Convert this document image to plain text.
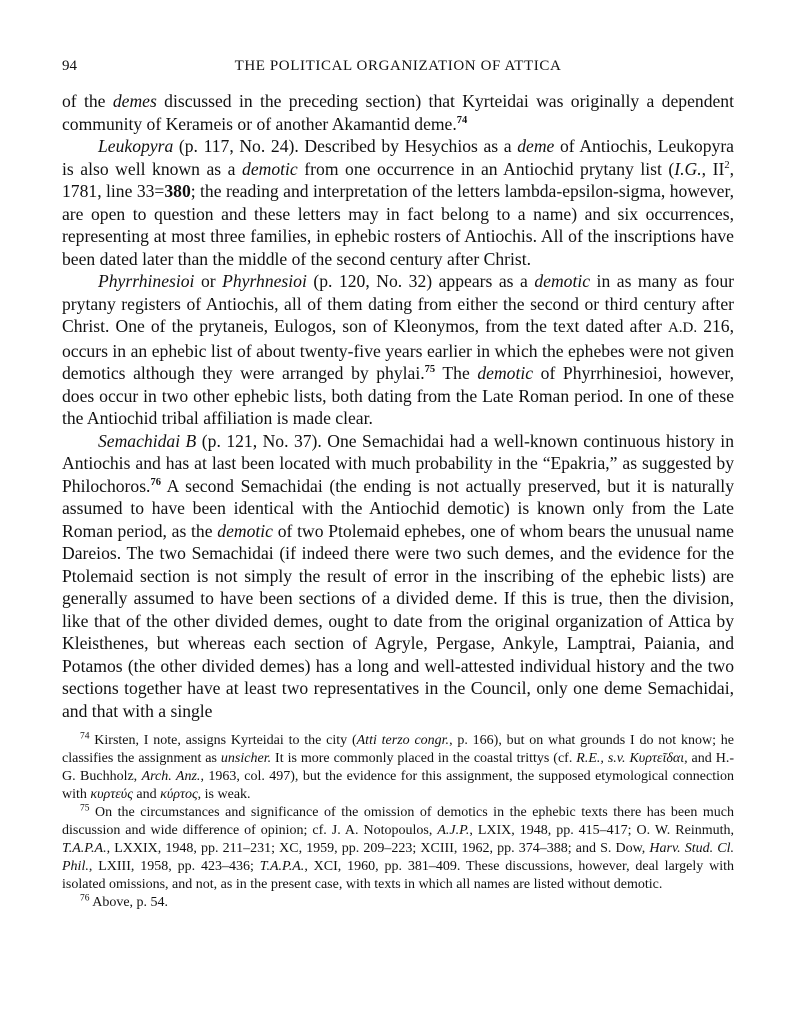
94	THE POLITICAL ORGANIZATION OF ATTICA

of the demes discussed in the preceding section) that Kyrteidai was originally a dependent community of Kerameis or of another Akamantid deme.$^{74}$

Leukopyra (p. 117, No. 24). Described by Hesychios as a deme of Antiochis, Leukopyra is also well known as a demotic from one occurrence in an Antiochid prytany list (I.G., $II^2$, 1781, line 33=380; the reading and interpretation of the letters lambda-epsilon-sigma, however, are open to question and these letters may in fact belong to a name) and six occurrences, representing at most three families, in ephebic rosters of Antiochis. All of the inscriptions have been dated later than the middle of the second century after Christ.

Phyrrhinesioi or Phyrhnesioi (p. 120, No. 32) appears as a demotic in as many as four prytany registers of Antiochis, all of them dating from either the second or third century after Christ. One of the prytaneis, Eulogos, son of Kleonymos, from the text dated after A.D. 216, occurs in an ephebic list of about twenty-five years earlier in which the ephebes were not given demotics although they were arranged by phylai.$^{75}$ The demotic of Phyrrhinesioi, however, does occur in two other ephebic lists, both dating from the Late Roman period. In one of these the Antiochid tribal affiliation is made clear.

Semachidai B (p. 121, No. 37). One Semachidai had a well-known continuous history in Antiochis and has at last been located with much probability in the “Epakria,” as suggested by Philochoros.$^{76}$ A second Semachidai (the ending is not actually preserved, but it is naturally assumed to have been identical with the Antiochid demotic) is known only from the Late Roman period, as the demotic of two Ptolemaid ephebes, one of whom bears the unusual name Dareios. The two Semachidai (if indeed there were two such demes, and the evidence for the Ptolemaid section is not simply the result of error in the inscribing of the ephebic lists) are generally assumed to have been sections of a divided deme. If this is true, then the division, like that of the other divided demes, ought to date from the original organization of Attica by Kleisthenes, but whereas each section of Agryle, Pergase, Ankyle, Lamptrai, Paiania, and Potamos (the other divided demes) has a long and well-attested individual history and the two sections together have at least two representatives in the Council, only one deme Semachidai, and that with a single

$^{74}$ Kirsten, I note, assigns Kyrteidai to the city (Atti terzo congr., p. 166), but on what grounds I do not know; he classifies the assignment as unsicher. It is more commonly placed in the coastal trittys (cf. R.E., s.v. Κυρτεῖδαι, and H.-G. Buchholz, Arch. Anz., 1963, col. 497), but the evidence for this assignment, the supposed etymological connection with κυρτεύς and κύρτος, is weak.

$^{75}$ On the circumstances and significance of the omission of demotics in the ephebic texts there has been much discussion and wide difference of opinion; cf. J. A. Notopoulos, A.J.P., LXIX, 1948, pp. 415–417; O. W. Reinmuth, T.A.P.A., LXXIX, 1948, pp. 211–231; XC, 1959, pp. 209–223; XCIII, 1962, pp. 374–388; and S. Dow, Harv. Stud. Cl. Phil., LXIII, 1958, pp. 423–436; T.A.P.A., XCI, 1960, pp. 381–409. These discussions, however, deal largely with isolated omissions, and not, as in the present case, with texts in which all names are listed without demotic.

$^{76}$ Above, p. 54.
